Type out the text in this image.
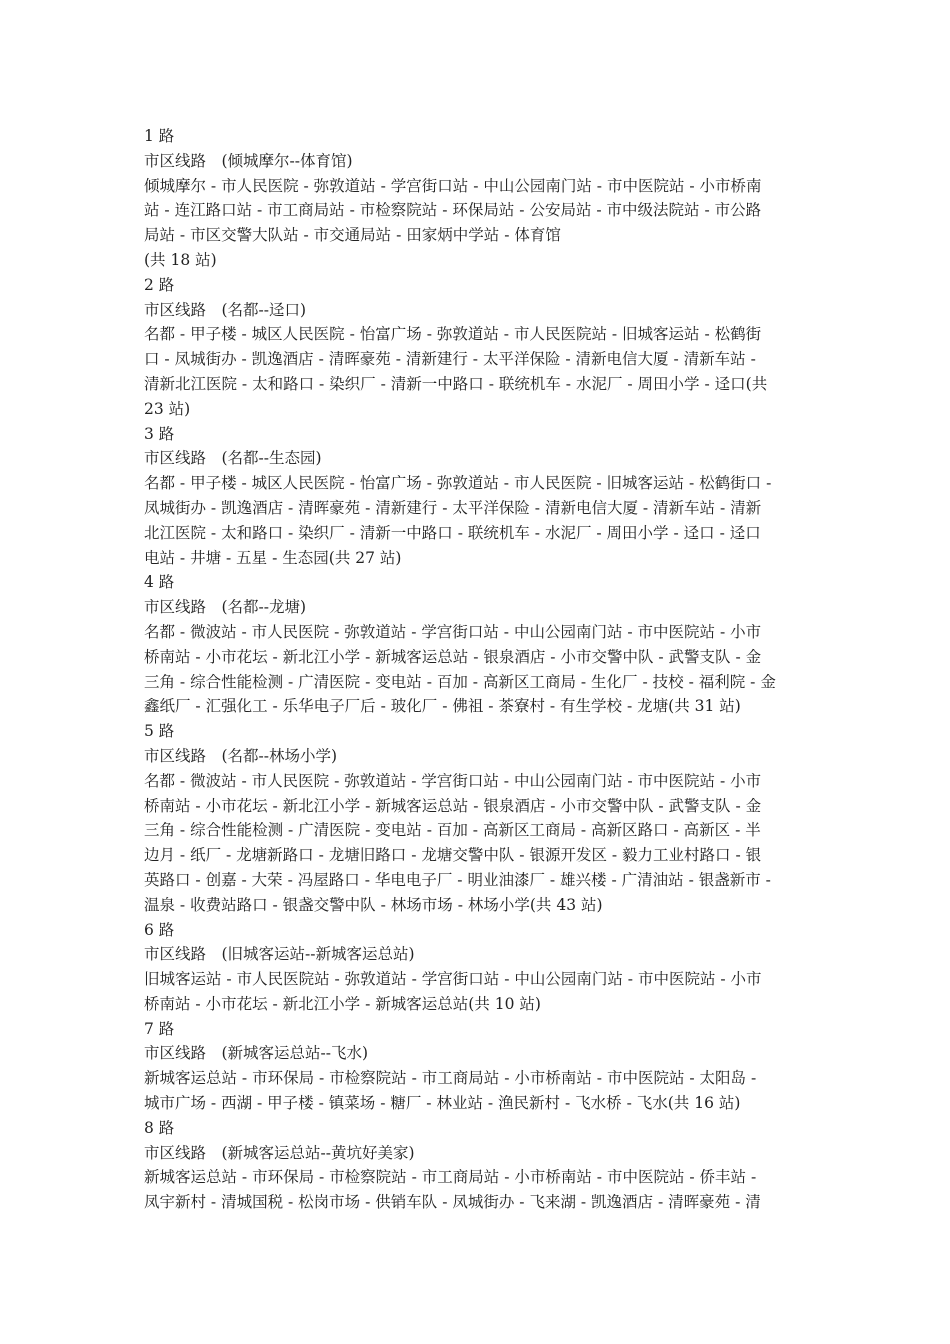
1 路
市区线路　(倾城摩尔--体育馆)
倾城摩尔 - 市人民医院 - 弥敦道站 - 学宫街口站 - 中山公园南门站 - 市中医院站 - 小市桥南
站 - 连江路口站 - 市工商局站 - 市检察院站 - 环保局站 - 公安局站 - 市中级法院站 - 市公路
局站 - 市区交警大队站 - 市交通局站 - 田家炳中学站 - 体育馆
(共 18 站)
2 路
市区线路　(名都--迳口)
名都 - 甲子楼 - 城区人民医院 - 怡富广场 - 弥敦道站 - 市人民医院站 - 旧城客运站 - 松鹤街
口 - 凤城街办 - 凯逸酒店 - 清晖豪苑 - 清新建行 - 太平洋保险 - 清新电信大厦 - 清新车站 -
清新北江医院 - 太和路口 - 染织厂 - 清新一中路口 - 联统机车 - 水泥厂 - 周田小学 - 迳口(共
23 站)
3 路
市区线路　(名都--生态园)
名都 - 甲子楼 - 城区人民医院 - 怡富广场 - 弥敦道站 - 市人民医院 - 旧城客运站 - 松鹤街口 -
凤城街办 - 凯逸酒店 - 清晖豪苑 - 清新建行 - 太平洋保险 - 清新电信大厦 - 清新车站 - 清新
北江医院 - 太和路口 - 染织厂 - 清新一中路口 - 联统机车 - 水泥厂 - 周田小学 - 迳口 - 迳口
电站 - 井塘 - 五星 - 生态园(共 27 站)
4 路
市区线路　(名都--龙塘)
名都 - 微波站 - 市人民医院 - 弥敦道站 - 学宫街口站 - 中山公园南门站 - 市中医院站 - 小市
桥南站 - 小市花坛 - 新北江小学 - 新城客运总站 - 银泉酒店 - 小市交警中队 - 武警支队 - 金
三角 - 综合性能检测 - 广清医院 - 变电站 - 百加 - 高新区工商局 - 生化厂 - 技校 - 福利院 - 金
鑫纸厂 - 汇强化工 - 乐华电子厂后 - 玻化厂 - 佛祖 - 茶寮村 - 有生学校 - 龙塘(共 31 站)
5 路
市区线路　(名都--林场小学)
名都 - 微波站 - 市人民医院 - 弥敦道站 - 学宫街口站 - 中山公园南门站 - 市中医院站 - 小市
桥南站 - 小市花坛 - 新北江小学 - 新城客运总站 - 银泉酒店 - 小市交警中队 - 武警支队 - 金
三角 - 综合性能检测 - 广清医院 - 变电站 - 百加 - 高新区工商局 - 高新区路口 - 高新区 - 半
边月 - 纸厂 - 龙塘新路口 - 龙塘旧路口 - 龙塘交警中队 - 银源开发区 - 毅力工业村路口 - 银
英路口 - 创嘉 - 大荣 - 冯屋路口 - 华电电子厂 - 明业油漆厂 - 雄兴楼 - 广清油站 - 银盏新市 -
温泉 - 收费站路口 - 银盏交警中队 - 林场市场 - 林场小学(共 43 站)
6 路
市区线路　(旧城客运站--新城客运总站)
旧城客运站 - 市人民医院站 - 弥敦道站 - 学宫街口站 - 中山公园南门站 - 市中医院站 - 小市
桥南站 - 小市花坛 - 新北江小学 - 新城客运总站(共 10 站)
7 路
市区线路　(新城客运总站--飞水)
新城客运总站 - 市环保局 - 市检察院站 - 市工商局站 - 小市桥南站 - 市中医院站 - 太阳岛 -
城市广场 - 西湖 - 甲子楼 - 镇菜场 - 糖厂 - 林业站 - 渔民新村 - 飞水桥 - 飞水(共 16 站)
8 路
市区线路　(新城客运总站--黄坑好美家)
新城客运总站 - 市环保局 - 市检察院站 - 市工商局站 - 小市桥南站 - 市中医院站 - 侨丰站 -
凤宇新村 - 清城国税 - 松岗市场 - 供销车队 - 凤城街办 - 飞来湖 - 凯逸酒店 - 清晖豪苑 - 清
